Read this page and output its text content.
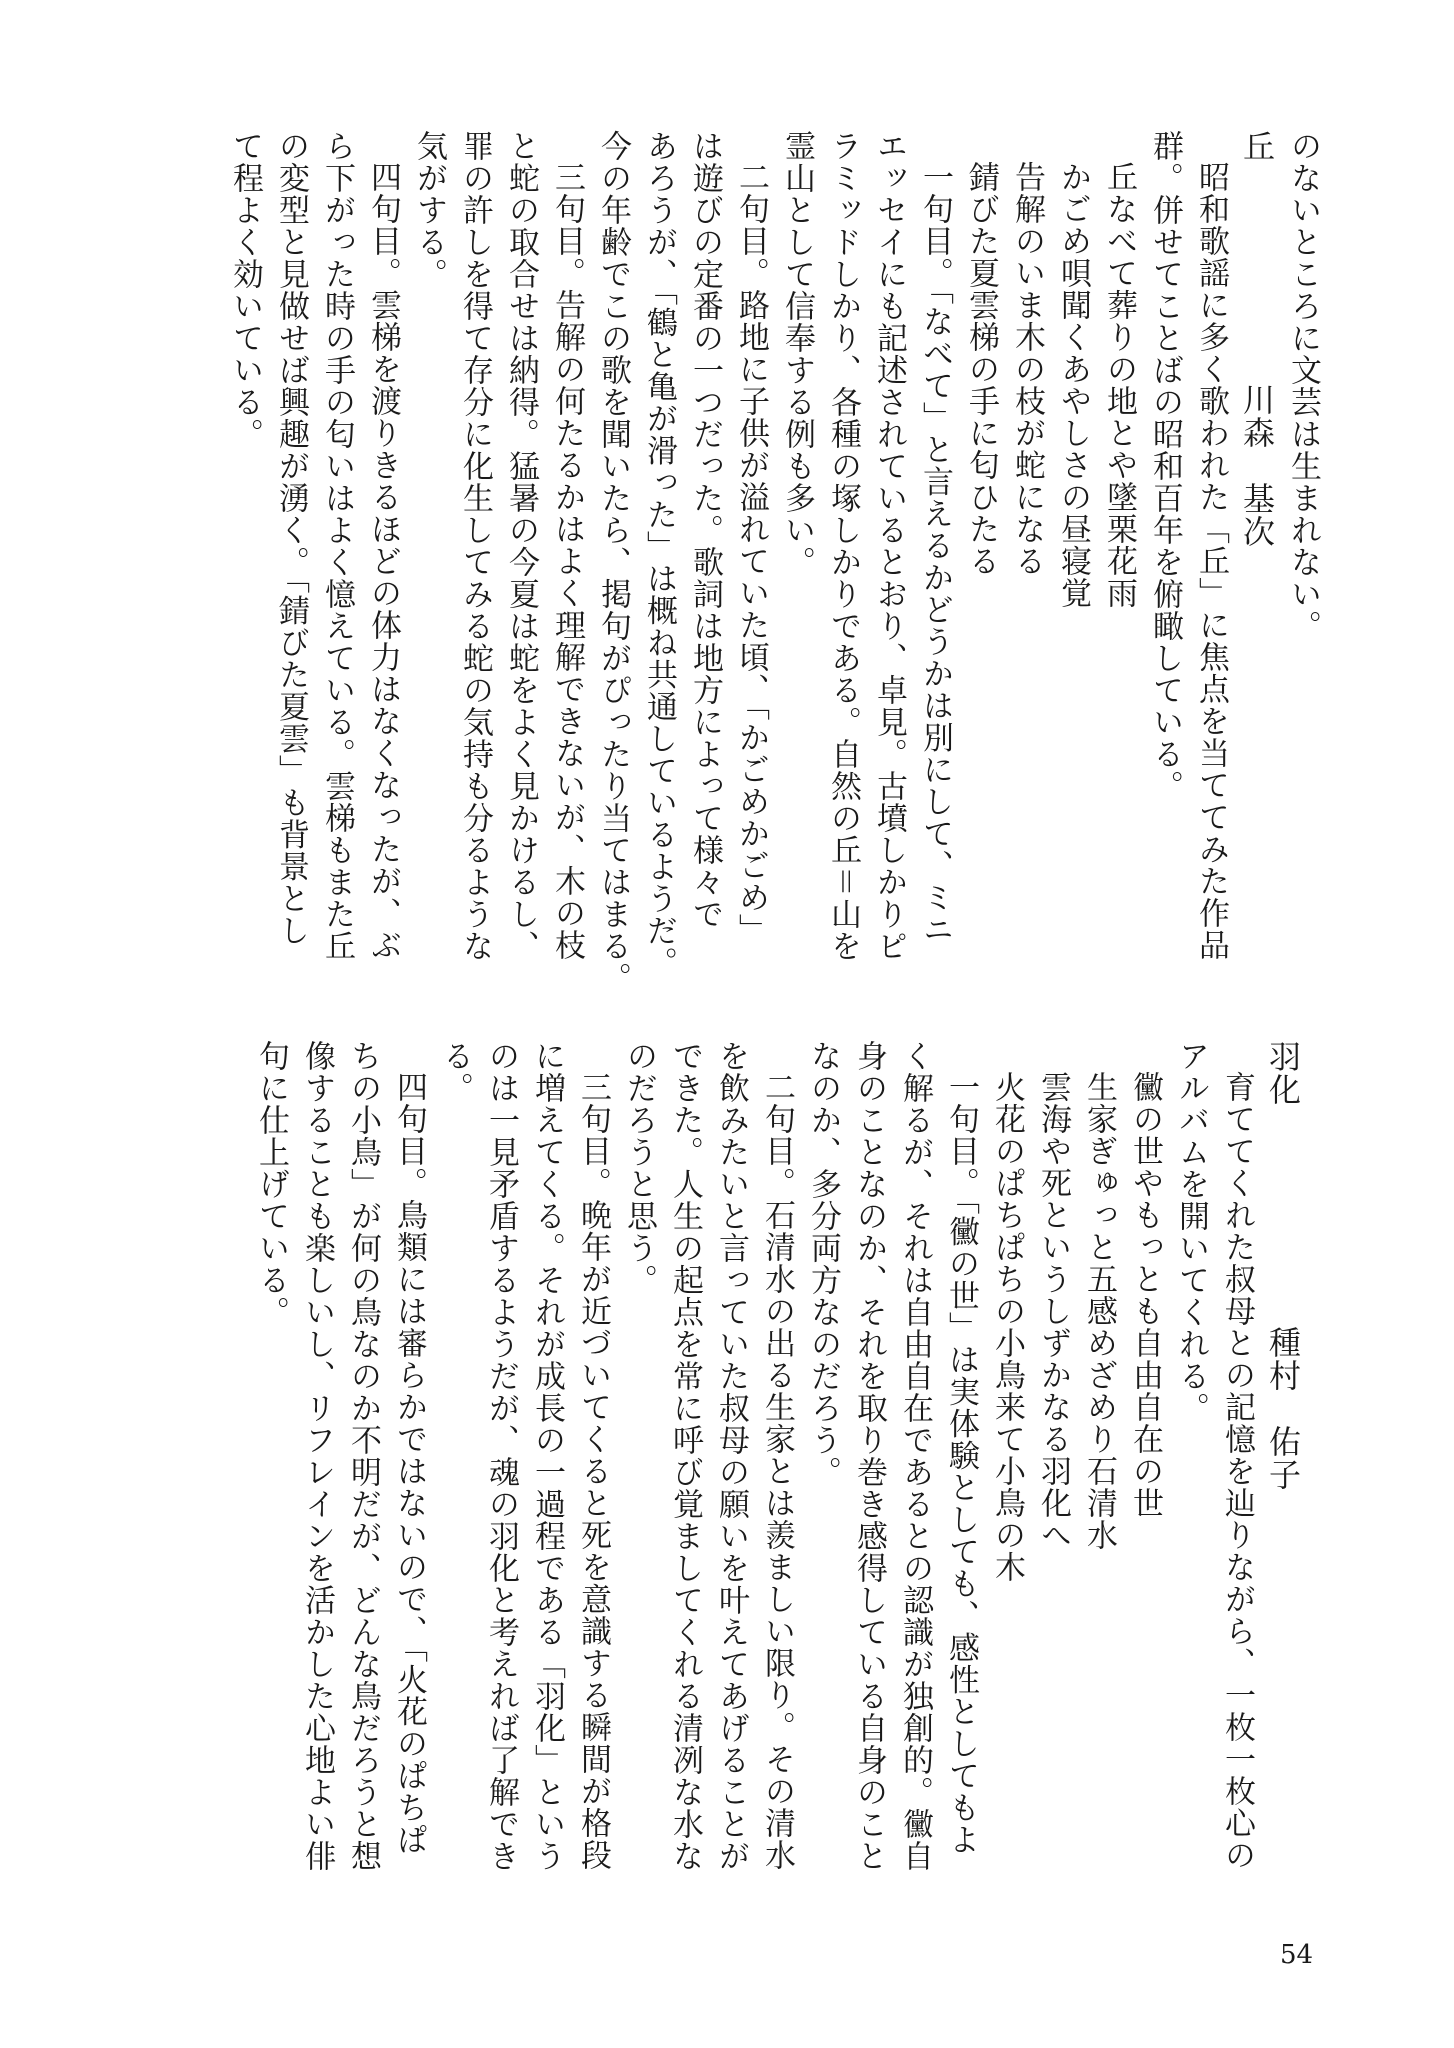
のないところに文芸は生まれない。

丘川森　基次

昭和歌謡に多く歌われた「丘」に焦点を当ててみた作品

群。併せてことばの昭和百年を俯瞰している。

丘なべて葬りの地とや墜栗花雨

かごめ唄聞くあやしさの昼寝覚

告解のいま木の枝が蛇になる

錆びた夏雲梯の手に匂ひたる

一句目。「なべて」と言えるかどうかは別にして、ミニ

エッセイにも記述されているとおり、卓見。古墳しかりピ

ラミッドしかり、各種の塚しかりである。自然の丘＝山を

霊山として信奉する例も多い。

二句目。路地に子供が溢れていた頃、「かごめかごめ」

は遊びの定番の一つだった。歌詞は地方によって様々で

あろうが、「鶴と亀が滑った」は概ね共通しているようだ。

今の年齢でこの歌を聞いたら、掲句がぴったり当てはまる。

三句目。告解の何たるかはよく理解できないが、木の枝

と蛇の取合せは納得。猛暑の今夏は蛇をよく見かけるし、

罪の許しを得て存分に化生してみる蛇の気持も分るような

気がする。

四句目。雲梯を渡りきるほどの体力はなくなったが、ぶ

ら下がった時の手の匂いはよく憶えている。雲梯もまた丘

の変型と見做せば興趣が湧く。「錆びた夏雲」も背景とし

て程よく効いている。

羽化種村　佑子

育ててくれた叔母との記憶を辿りながら、一枚一枚心の

アルバムを開いてくれる。

黴の世やもっとも自由自在の世

生家ぎゅっと五感めざめり石清水

雲海や死というしずかなる羽化へ

火花のぱちぱちの小鳥来て小鳥の木

一句目。「黴の世」は実体験としても、感性としてもよ

く解るが、それは自由自在であるとの認識が独創的。黴自

身のことなのか、それを取り巻き感得している自身のこと

なのか、多分両方なのだろう。

二句目。石清水の出る生家とは羨ましい限り。その清水

を飲みたいと言っていた叔母の願いを叶えてあげることが

できた。人生の起点を常に呼び覚ましてくれる清冽な水な

のだろうと思う。

三句目。晩年が近づいてくると死を意識する瞬間が格段

に増えてくる。それが成長の一過程である「羽化」という

のは一見矛盾するようだが、魂の羽化と考えれば了解でき

る。

四句目。鳥類には審らかではないので、「火花のぱちぱ

ちの小鳥」が何の鳥なのか不明だが、どんな鳥だろうと想

像することも楽しいし、リフレインを活かした心地よい俳

句に仕上げている。

54
